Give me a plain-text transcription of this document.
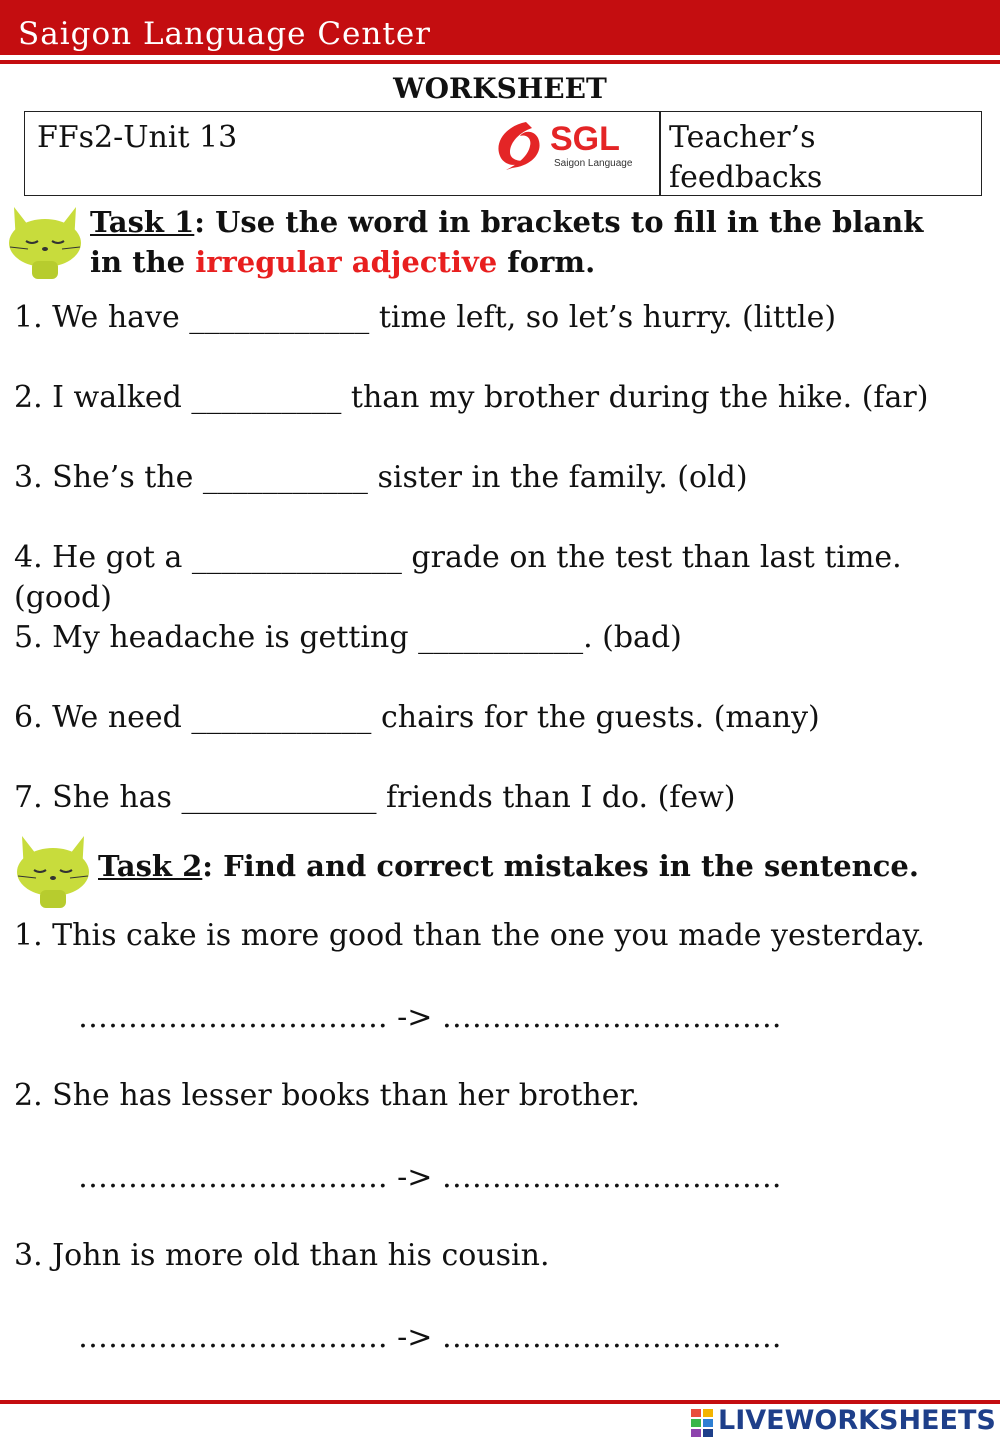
Saigon Language Center
WORKSHEET
FFs2-Unit 13	SGL
Saigon Language
Teacher’s
feedbacks
Task 1: Use the word in brackets to fill in the blank
in the irregular adjective form.
1. We have ____________ time left, so let’s hurry. (little)
2. I walked __________ than my brother during the hike. (far)
3. She’s the ___________ sister in the family. (old)
4. He got a ______________ grade on the test than last time.
(good)
5. My headache is getting ___________. (bad)
6. We need ____________ chairs for the guests. (many)
7. She has _____________ friends than I do. (few)
Task 2: Find and correct mistakes in the sentence.
1. This cake is more good than the one you made yesterday.
…………………………. -> …………………………….
2. She has lesser books than her brother.
…………………………. -> …………………………….
3. John is more old than his cousin.
…………………………. -> …………………………….
LIVEWORKSHEETS
